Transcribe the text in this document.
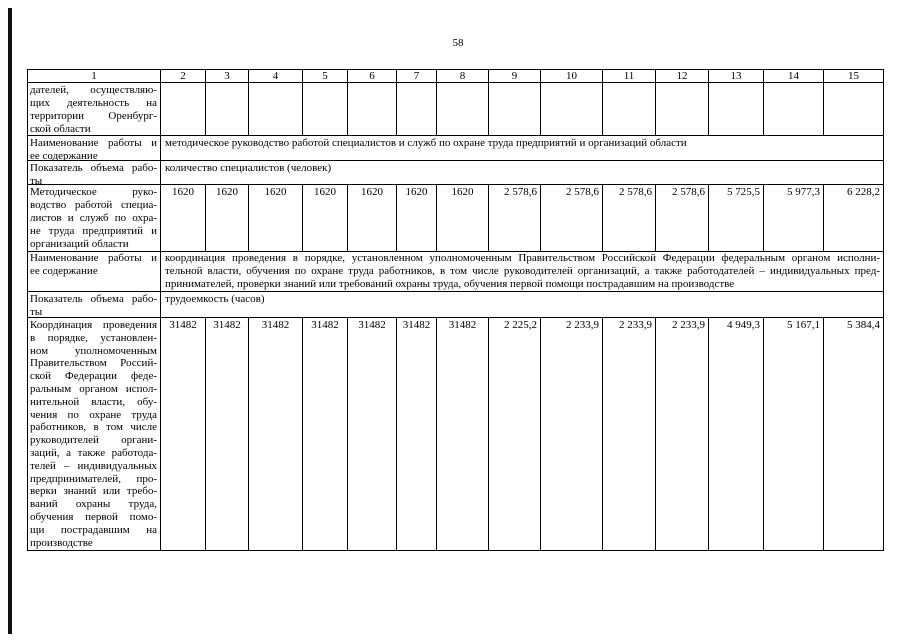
58
1	2	3	4	5	6	7	8	9	10	11	12	13	14	15
дателей, осуществляю-
щих деятельность на
территории Оренбург-
ской области
Наименование работы и
ее содержание
методическое руководство работой специалистов и служб по охране труда предприятий и организаций области
Показатель объема рабо-
ты
количество специалистов (человек)
Методическое руко-
водство работой специа-
листов и служб по охра-
не труда предприятий и
организаций области
1620	1620	1620	1620	1620	1620	1620	2 578,6	2 578,6	2 578,6	2 578,6	5 725,5	5 977,3	6 228,2
Наименование работы и
ее содержание
координация проведения в порядке, установленном уполномоченным Правительством Российской Федерации федеральным органом исполни-
тельной власти, обучения по охране труда работников, в том числе руководителей организаций, а также работодателей – индивидуальных пред-
принимателей, проверки знаний или требований охраны труда, обучения первой помощи пострадавшим на производстве
Показатель объема рабо-
ты
трудоемкость (часов)
Координация проведения
в порядке, установлен-
ном уполномоченным
Правительством Россий-
ской Федерации феде-
ральным органом испол-
нительной власти, обу-
чения по охране труда
работников, в том числе
руководителей органи-
заций, а также работода-
телей – индивидуальных
предпринимателей, про-
верки знаний или требо-
ваний охраны труда,
обучения первой помо-
щи пострадавшим на
производстве
31482	31482	31482	31482	31482	31482	31482	2 225,2	2 233,9	2 233,9	2 233,9	4 949,3	5 167,1	5 384,4
